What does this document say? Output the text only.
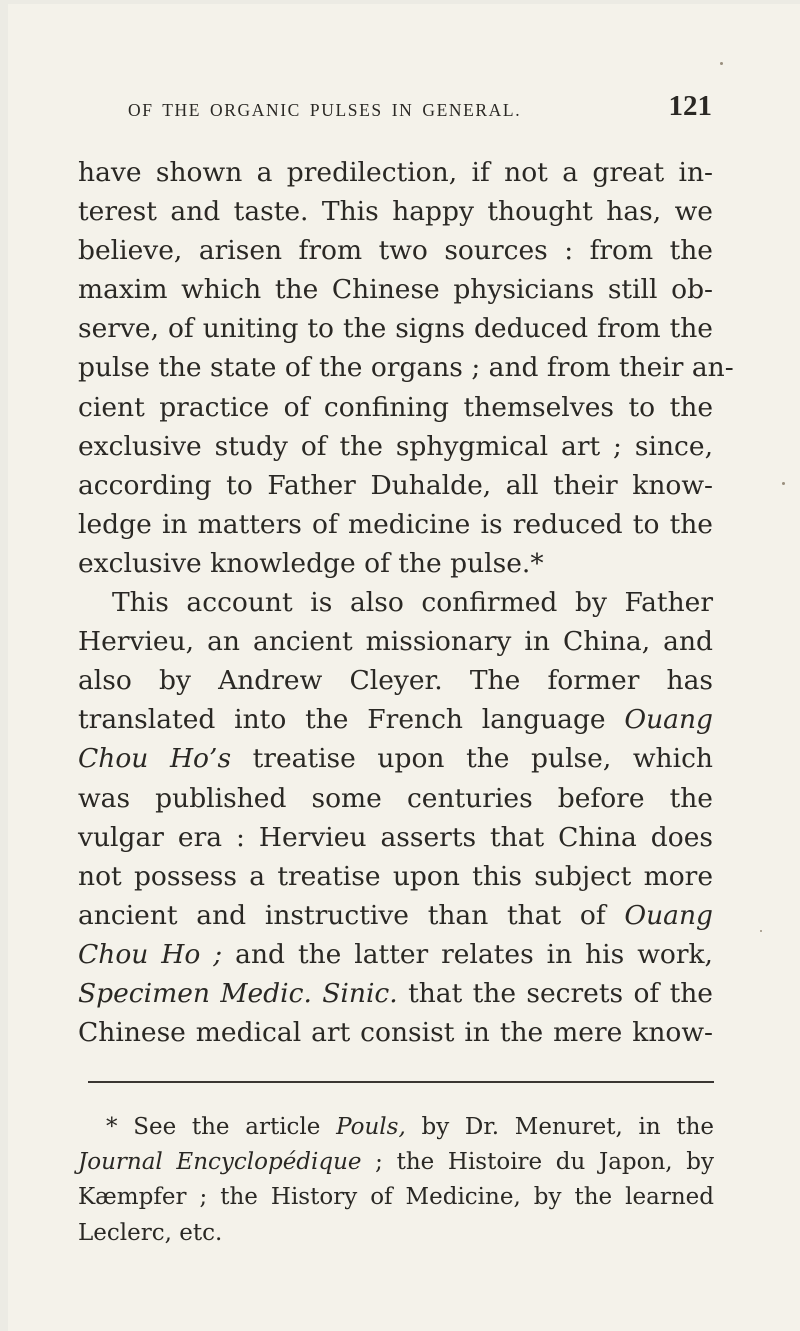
OF THE ORGANIC PULSES IN GENERAL.	121
have shown a predilection, if not a great in-
terest and taste. This happy thought has, we
believe, arisen from two sources : from the
maxim which the Chinese physicians still ob-
serve, of uniting to the signs deduced from the
pulse the state of the organs ; and from their an-
cient practice of confining themselves to the
exclusive study of the sphygmical art ; since,
according to Father Duhalde, all their know-
ledge in matters of medicine is reduced to the
exclusive knowledge of the pulse.*
This account is also confirmed by Father
Hervieu, an ancient missionary in China, and
also by Andrew Cleyer. The former has
translated into the French language Ouang
Chou Ho’s treatise upon the pulse, which
was published some centuries before the
vulgar era : Hervieu asserts that China does
not possess a treatise upon this subject more
ancient and instructive than that of Ouang
Chou Ho ; and the latter relates in his work,
Specimen Medic. Sinic. that the secrets of the
Chinese medical art consist in the mere know-
* See the article Pouls, by Dr. Menuret, in the
Journal Encyclopédique ; the Histoire du Japon, by
Kæmpfer ; the History of Medicine, by the learned
Leclerc, etc.
